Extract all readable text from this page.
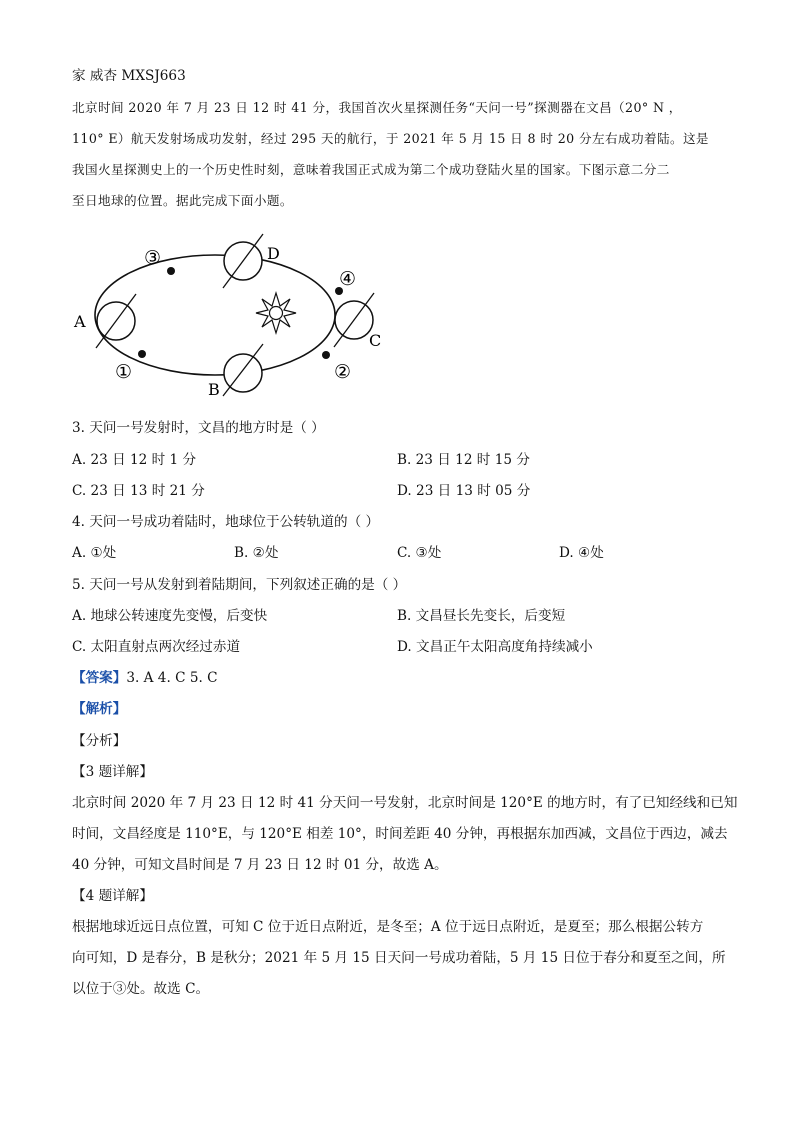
家 威杏 MXSJ663
北京时间 2020 年 7 月 23 日 12 时 41 分，我国首次火星探测任务“天问一号”探测器在文昌（20° N ，
110° E）航天发射场成功发射，经过 295 天的航行，于 2021 年 5 月 15 日 8 时 20 分左右成功着陆。这是
我国火星探测史上的一个历史性时刻，意味着我国正式成为第二个成功登陆火星的国家。下图示意二分二
至日地球的位置。据此完成下面小题。
A
B
C
D
①	②
③
④
3. 天问一号发射时，文昌的地方时是（ ）
A. 23 日 12 时 1 分	B. 23 日 12 时 15 分
C. 23 日 13 时 21 分	D. 23 日 13 时 05 分
4. 天问一号成功着陆时，地球位于公转轨道的（ ）
A. ①处	B. ②处	C. ③处	D. ④处
5. 天问一号从发射到着陆期间，下列叙述正确的是（ ）
A. 地球公转速度先变慢，后变快	B. 文昌昼长先变长，后变短
C. 太阳直射点两次经过赤道	D. 文昌正午太阳高度角持续减小
【答案】3. A 4. C 5. C
【解析】
【分析】
【3 题详解】
北京时间 2020 年 7 月 23 日 12 时 41 分天问一号发射，北京时间是 120°E 的地方时，有了已知经线和已知
时间，文昌经度是 110°E，与 120°E 相差 10°，时间差距 40 分钟，再根据东加西减，文昌位于西边，减去
40 分钟，可知文昌时间是 7 月 23 日 12 时 01 分，故选 A。
【4 题详解】
根据地球近远日点位置，可知 C 位于近日点附近，是冬至；A 位于远日点附近，是夏至；那么根据公转方
向可知，D 是春分，B 是秋分；2021 年 5 月 15 日天问一号成功着陆，5 月 15 日位于春分和夏至之间，所
以位于③处。故选 C。
